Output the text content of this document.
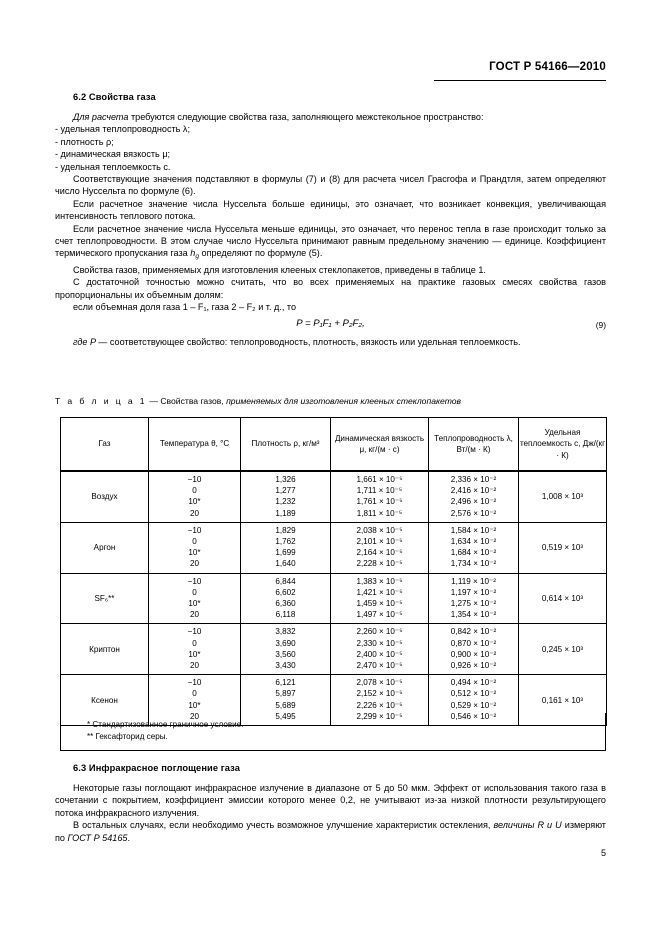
ГОСТ Р 54166—2010
6.2 Свойства газа

Для расчета требуются следующие свойства газа, заполняющего межстекольное пространство:

- удельная теплопроводность λ;

- плотность ρ;

- динамическая вязкость μ;

- удельная теплоемкость c.

Соответствующие значения подставляют в формулы (7) и (8) для расчета чисел Грасгофа и Прандтля, затем определяют число Нуссельта по формуле (6).

Если расчетное значение числа Нуссельта больше единицы, это означает, что возникает конвекция, увеличивающая интенсивность теплового потока.

Если расчетное значение числа Нуссельта меньше единицы, это означает, что перенос тепла в газе происходит только за счет теплопроводности. В этом случае число Нуссельта принимают равным предельному значению — единице. Коэффициент термического пропускания газа $h_g$ определяют по формуле (5).

Свойства газов, применяемых для изготовления клееных стеклопакетов, приведены в таблице 1.

С достаточной точностью можно считать, что во всех применяемых на практике газовых смесях свойства газов пропорциональны их объемным долям:

если объемная доля газа 1 – F₁, газа 2 – F₂ и т. д., то

P = P₁F₁ + P₂F₂,	(9)

где P — соответствующее свойство: теплопроводность, плотность, вязкость или удельная теплоемкость.

Т а б л и ц а 1 — Свойства газов, применяемых для изготовления клееных стеклопакетов
Газ	Температура θ, °C	Плотность ρ, кг/м³	Динамическая вязкость μ, кг/(м · с)	Теплопроводность λ, Вт/(м · К)	Удельная теплоемкость c, Дж/(кг · К)
Воздух	−10
0
10*
20	1,326
1,277
1,232
1,189	1,661 × 10⁻⁵
1,711 × 10⁻⁵
1,761 × 10⁻⁵
1,811 × 10⁻⁵	2,336 × 10⁻²
2,416 × 10⁻²
2,496 × 10⁻²
2,576 × 10⁻²	1,008 × 10³
Аргон	−10
0
10*
20	1,829
1,762
1,699
1,640	2,038 × 10⁻⁵
2,101 × 10⁻⁵
2,164 × 10⁻⁵
2,228 × 10⁻⁵	1,584 × 10⁻²
1,634 × 10⁻²
1,684 × 10⁻²
1,734 × 10⁻²	0,519 × 10³
SF₆**	−10
0
10*
20	6,844
6,602
6,360
6,118	1,383 × 10⁻⁵
1,421 × 10⁻⁵
1,459 × 10⁻⁵
1,497 × 10⁻⁵	1,119 × 10⁻²
1,197 × 10⁻²
1,275 × 10⁻²
1,354 × 10⁻²	0,614 × 10³
Криптон	−10
0
10*
20	3,832
3,690
3,560
3,430	2,260 × 10⁻⁵
2,330 × 10⁻⁵
2,400 × 10⁻⁵
2,470 × 10⁻⁵	0,842 × 10⁻²
0,870 × 10⁻²
0,900 × 10⁻²
0,926 × 10⁻²	0,245 × 10³
Ксенон	−10
0
10*
20	6,121
5,897
5,689
5,495	2,078 × 10⁻⁵
2,152 × 10⁻⁵
2,226 × 10⁻⁵
2,299 × 10⁻⁵	0,494 × 10⁻²
0,512 × 10⁻²
0,529 × 10⁻²
0,546 × 10⁻²	0,161 × 10³
* Стандартизованное граничное условие.
** Гексафторид серы.
6.3 Инфракрасное поглощение газа

Некоторые газы поглощают инфракрасное излучение в диапазоне от 5 до 50 мкм. Эффект от использования такого газа в сочетании с покрытием, коэффициент эмиссии которого менее 0,2, не учитывают из-за низкой плотности результирующего потока инфракрасного излучения.

В остальных случаях, если необходимо учесть возможное улучшение характеристик остекления, величины R и U измеряют по ГОСТ Р 54165.

5
